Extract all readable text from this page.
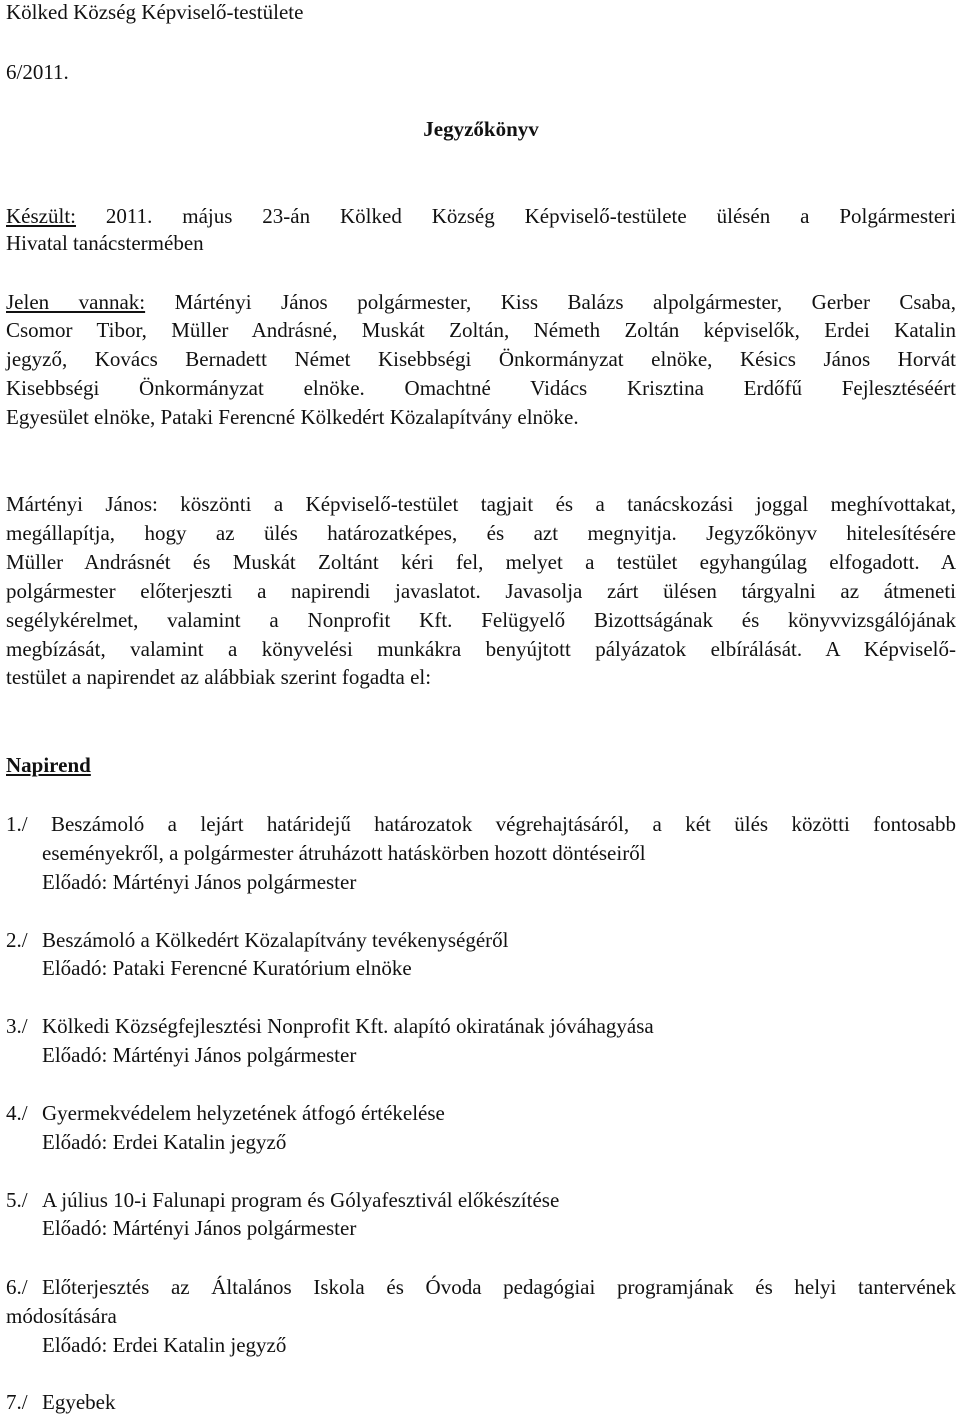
Kölked Község Képviselő-testülete
6/2011.
Jegyzőkönyv
Készült: 2011. május 23-án Kölked Község Képviselő-testülete ülésén a Polgármesteri
Hivatal tanácstermében
Jelen vannak: Mártényi János polgármester, Kiss Balázs alpolgármester, Gerber Csaba,
Csomor Tibor, Müller Andrásné, Muskát Zoltán, Németh Zoltán képviselők, Erdei Katalin
jegyző, Kovács Bernadett Német Kisebbségi Önkormányzat elnöke, Késics János Horvát
Kisebbségi Önkormányzat elnöke. Omachtné Vidács Krisztina Erdőfű Fejlesztéséért
Egyesület elnöke, Pataki Ferencné Kölkedért Közalapítvány elnöke.
Mártényi János: köszönti a Képviselő-testület tagjait és a tanácskozási joggal meghívottakat,
megállapítja, hogy az ülés határozatképes, és azt megnyitja. Jegyzőkönyv hitelesítésére
Müller Andrásnét és Muskát Zoltánt kéri fel, melyet a testület egyhangúlag elfogadott. A
polgármester előterjeszti a napirendi javaslatot. Javasolja zárt ülésen tárgyalni az átmeneti
segélykérelmet, valamint a Nonprofit Kft. Felügyelő Bizottságának és könyvvizsgálójának
megbízását, valamint a könyvelési munkákra benyújtott pályázatok elbírálását. A Képviselő-
testület a napirendet az alábbiak szerint fogadta el:
Napirend
1./ Beszámoló a lejárt határidejű határozatok végrehajtásáról, a két ülés közötti fontosabb
eseményekről, a polgármester átruházott hatáskörben hozott döntéseiről
Előadó: Mártényi János polgármester
2./ Beszámoló a Kölkedért Közalapítvány tevékenységéről
Előadó: Pataki Ferencné Kuratórium elnöke
3./ Kölkedi Községfejlesztési Nonprofit Kft. alapító okiratának jóváhagyása
Előadó: Mártényi János polgármester
4./ Gyermekvédelem helyzetének átfogó értékelése
Előadó: Erdei Katalin jegyző
5./ A július 10-i Falunapi program és Gólyafesztivál előkészítése
Előadó: Mártényi János polgármester
6./ Előterjesztés az Általános Iskola és Óvoda pedagógiai programjának és helyi tantervének
módosítására
Előadó: Erdei Katalin jegyző
7./ Egyebek
